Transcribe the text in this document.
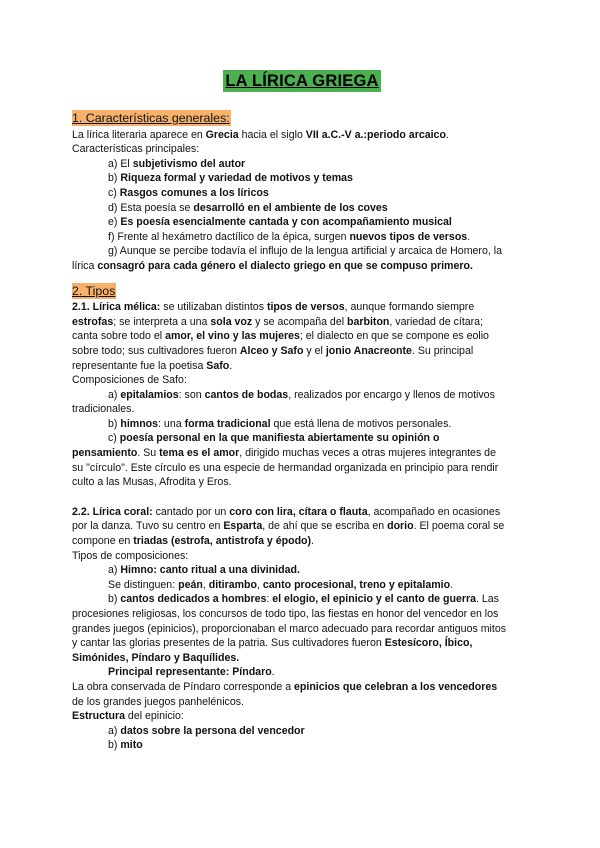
LA LÍRICA GRIEGA
1. Características generales:

La lírica literaria aparece en Grecia hacia el siglo VII a.C.-V a.:periodo arcaico.

Características principales:

a) El subjetivismo del autor

b) Riqueza formal y variedad de motivos y temas

c) Rasgos comunes a los líricos

d) Esta poesía se desarrolló en el ambiente de los coves

e) Es poesía esencialmente cantada y con acompañamiento musical

f) Frente al hexámetro dactílico de la épica, surgen nuevos tipos de versos.

g) Aunque se percibe todavía el influjo de la lengua artificial y arcaica de Homero, la

lírica consagró para cada género el dialecto griego en que se compuso primero.

2. Tipos

2.1. Lírica mélica: se utilizaban distintos tipos de versos, aunque formando siempre

estrofas; se interpreta a una sola voz y se acompaña del barbiton, variedad de cítara;

canta sobre todo el amor, el vino y las mujeres; el dialecto en que se compone es eolio

sobre todo; sus cultivadores fueron Alceo y Safo y el jonio Anacreonte. Su principal

representante fue la poetisa Safo.

Composiciones de Safo:

a) epitalamios: son cantos de bodas, realizados por encargo y llenos de motivos

tradicionales.

b) himnos: una forma tradicional que está llena de motivos personales.

c) poesía personal en la que manifiesta abiertamente su opinión o

pensamiento. Su tema es el amor, dirigido muchas veces a otras mujeres integrantes de

su "círculo". Este círculo es una especie de hermandad organizada en principio para rendir

culto a las Musas, Afrodita y Eros.

2.2. Lírica coral: cantado por un coro con lira, cítara o flauta, acompañado en ocasiones

por la danza. Tuvo su centro en Esparta, de ahí que se escriba en dorio. El poema coral se

compone en triadas (estrofa, antistrofa y épodo).

Tipos de composiciones:

a) Himno: canto ritual a una divinidad.

Se distinguen: peán, ditirambo, canto procesional, treno y epitalamio.

b) cantos dedicados a hombres: el elogio, el epinicio y el canto de guerra. Las

procesiones religiosas, los concursos de todo tipo, las fiestas en honor del vencedor en los

grandes juegos (epinicios), proporcionaban el marco adecuado para recordar antiguos mitos

y cantar las glorias presentes de la patria. Sus cultivadores fueron Estesícoro, Íbico,

Simónides, Píndaro y Baquílides.

Principal representante: Píndaro.

La obra conservada de Píndaro corresponde a epinicios que celebran a los vencedores

de los grandes juegos panhelénicos.

Estructura del epinicio:

a) datos sobre la persona del vencedor

b) mito
